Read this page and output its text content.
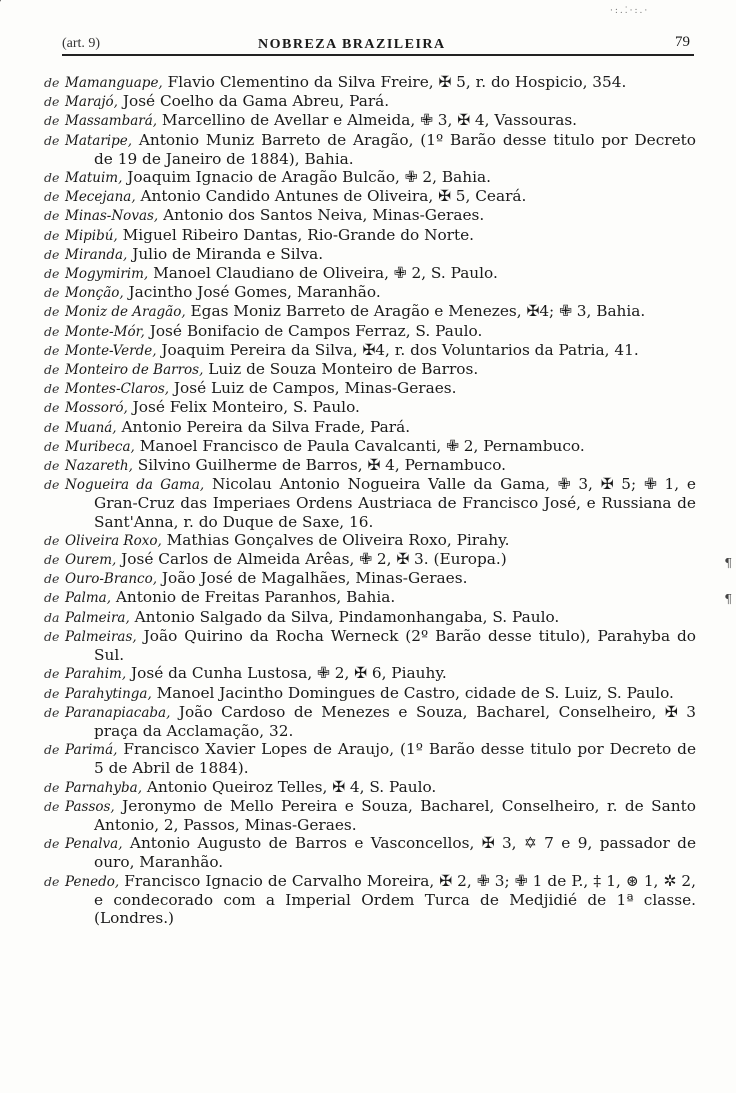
·:.⁚·:.·
(art. 9)	NOBREZA BRAZILEIRA	79
¶
¶
de Mamanguape, Flavio Clementino da Silva Freire, ✠ 5, r. do Hospicio, 354.
de Marajó, José Coelho da Gama Abreu, Pará.
de Massambará, Marcellino de Avellar e Almeida, ✙ 3, ✠ 4, Vassouras.
de Mataripe, Antonio Muniz Barreto de Aragão, (1º Barão desse titulo por Decreto de 19 de Janeiro de 1884), Bahia.
de Matuim, Joaquim Ignacio de Aragão Bulcão, ✙ 2, Bahia.
de Mecejana, Antonio Candido Antunes de Oliveira, ✠ 5, Ceará.
de Minas-Novas, Antonio dos Santos Neiva, Minas-Geraes.
de Mipibú, Miguel Ribeiro Dantas, Rio-Grande do Norte.
de Miranda, Julio de Miranda e Silva.
de Mogymirim, Manoel Claudiano de Oliveira, ✙ 2, S. Paulo.
de Monção, Jacintho José Gomes, Maranhão.
de Moniz de Aragão, Egas Moniz Barreto de Aragão e Menezes, ✠4; ✙ 3, Bahia.
de Monte-Mór, José Bonifacio de Campos Ferraz, S. Paulo.
de Monte-Verde, Joaquim Pereira da Silva, ✠4, r. dos Voluntarios da Patria, 41.
de Monteiro de Barros, Luiz de Souza Monteiro de Barros.
de Montes-Claros, José Luiz de Campos, Minas-Geraes.
de Mossoró, José Felix Monteiro, S. Paulo.
de Muaná, Antonio Pereira da Silva Frade, Pará.
de Muribeca, Manoel Francisco de Paula Cavalcanti, ✙ 2, Pernambuco.
de Nazareth, Silvino Guilherme de Barros, ✠ 4, Pernambuco.
de Nogueira da Gama, Nicolau Antonio Nogueira Valle da Gama, ✙ 3, ✠ 5; ✙ 1, e Gran-Cruz das Imperiaes Ordens Austriaca de Francisco José, e Russiana de Sant'Anna, r. do Duque de Saxe, 16.
de Oliveira Roxo, Mathias Gonçalves de Oliveira Roxo, Pirahy.
de Ourem, José Carlos de Almeida Arêas, ✙ 2, ✠ 3. (Europa.)
de Ouro-Branco, João José de Magalhães, Minas-Geraes.
de Palma, Antonio de Freitas Paranhos, Bahia.
da Palmeira, Antonio Salgado da Silva, Pindamonhangaba, S. Paulo.
de Palmeiras, João Quirino da Rocha Werneck (2º Barão desse titulo), Parahyba do Sul.
de Parahim, José da Cunha Lustosa, ✙ 2, ✠ 6, Piauhy.
de Parahytinga, Manoel Jacintho Domingues de Castro, cidade de S. Luiz, S. Paulo.
de Paranapiacaba, João Cardoso de Menezes e Souza, Bacharel, Conselheiro, ✠ 3 praça da Acclamação, 32.
de Parimá, Francisco Xavier Lopes de Araujo, (1º Barão desse titulo por Decreto de 5 de Abril de 1884).
de Parnahyba, Antonio Queiroz Telles, ✠ 4, S. Paulo.
de Passos, Jeronymo de Mello Pereira e Souza, Bacharel, Conselheiro, r. de Santo Antonio, 2, Passos, Minas-Geraes.
de Penalva, Antonio Augusto de Barros e Vasconcellos, ✠ 3, ✡ 7 e 9, passador de ouro, Maranhão.
de Penedo, Francisco Ignacio de Carvalho Moreira, ✠ 2, ✙ 3; ✙ 1 de P., ‡ 1, ⊛ 1, ✲ 2, e condecorado com a Imperial Ordem Turca de Medjidié de 1ª classe. (Londres.)
